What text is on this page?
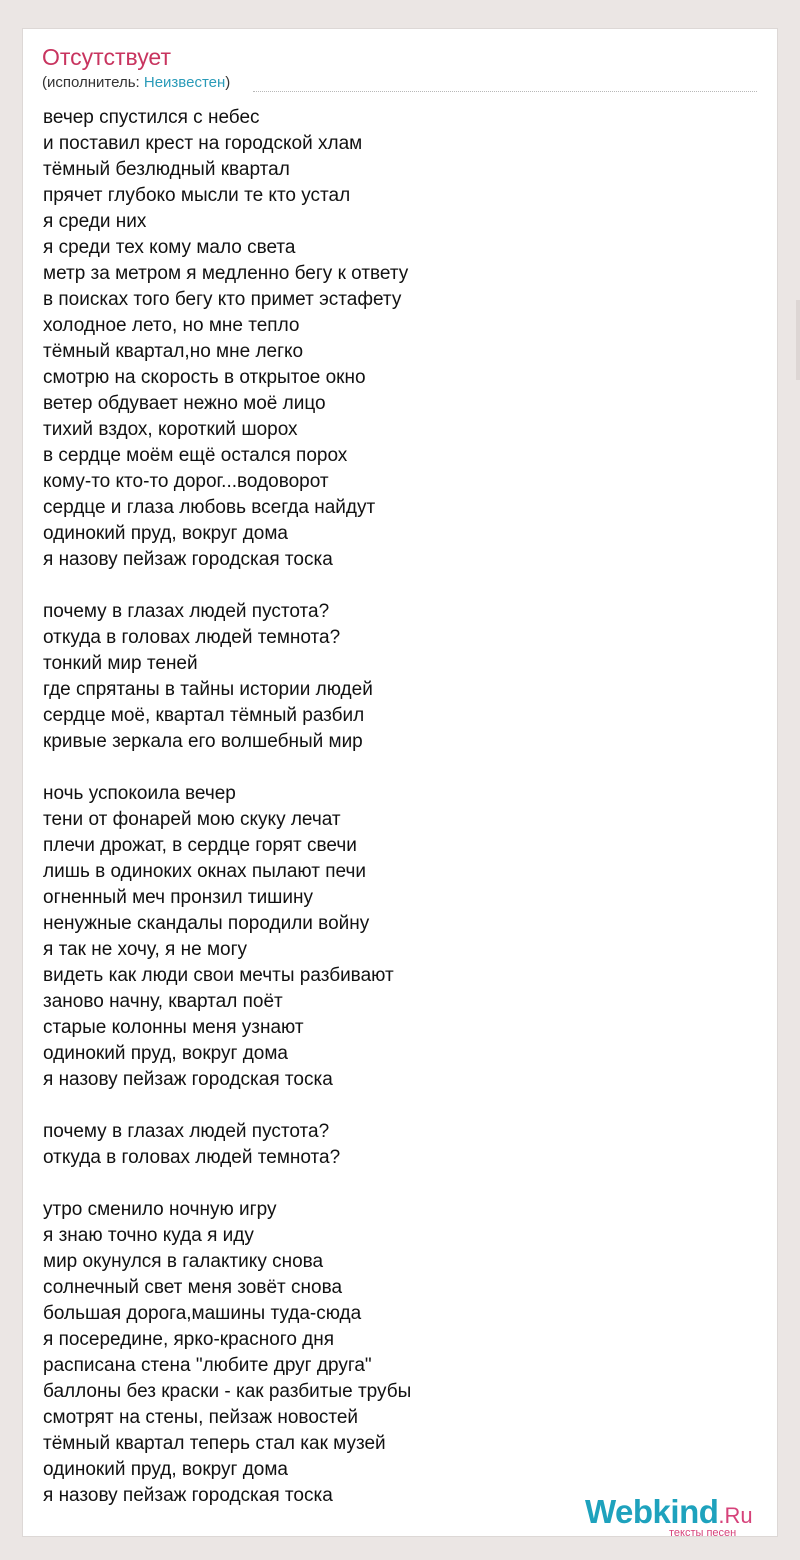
Отсутствует
(исполнитель: Неизвестен)
вечер спустился с небес
и поставил крест на городской хлам
тёмный безлюдный квартал
прячет глубоко мысли те кто устал
я среди них
я среди тех кому мало света
метр за метром я медленно бегу к ответу
в поисках того бегу кто примет эстафету
холодное лето, но мне тепло
тёмный квартал,но мне легко
смотрю на скорость в открытое окно
ветер обдувает нежно моё лицо
тихий вздох, короткий шорох
в сердце моём ещё остался порох
кому-то кто-то дорог...водоворот
сердце и глаза любовь всегда найдут
одинокий пруд, вокруг дома
я назову пейзаж городская тоска
почему в глазах людей пустота?
откуда в головах людей темнота?
тонкий мир теней
где спрятаны в тайны истории людей
сердце моё, квартал тёмный разбил
кривые зеркала его волшебный мир
ночь успокоила вечер
тени от фонарей мою скуку лечат
плечи дрожат, в сердце горят свечи
лишь в одиноких окнах пылают печи
огненный меч пронзил тишину
ненужные скандалы породили войну
я так не хочу, я не могу
видеть как люди свои мечты разбивают
заново начну, квартал поёт
старые колонны меня узнают
одинокий пруд, вокруг дома
я назову пейзаж городская тоска
почему в глазах людей пустота?
откуда в головах людей темнота?
утро сменило ночную игру
я знаю точно куда я иду
мир окунулся в галактику снова
солнечный свет меня зовёт снова
большая дорога,машины туда-сюда
я посередине, ярко-красного дня
расписана стена "любите друг друга"
баллоны без краски - как разбитые трубы
смотрят на стены, пейзаж новостей
тёмный квартал теперь стал как музей
одинокий пруд, вокруг дома
я назову пейзаж городская тоска	Webkind.Ru
тексты песен
